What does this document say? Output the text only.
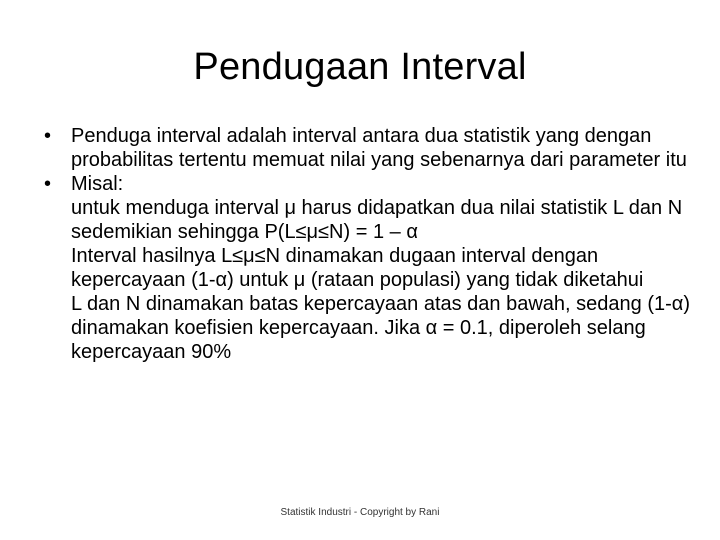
Pendugaan Interval
• Penduga interval adalah interval antara dua statistik yang dengan probabilitas tertentu memuat nilai yang sebenarnya dari parameter itu
• Misal:
untuk menduga interval μ harus didapatkan dua nilai statistik L dan N sedemikian sehingga P(L≤μ≤N) = 1 – α
Interval hasilnya L≤μ≤N dinamakan dugaan interval dengan kepercayaan (1-α) untuk μ (rataan populasi) yang tidak diketahui
L dan N dinamakan batas kepercayaan atas dan bawah, sedang (1-α) dinamakan koefisien kepercayaan. Jika α = 0.1, diperoleh selang kepercayaan 90%
Statistik Industri - Copyright by Rani
